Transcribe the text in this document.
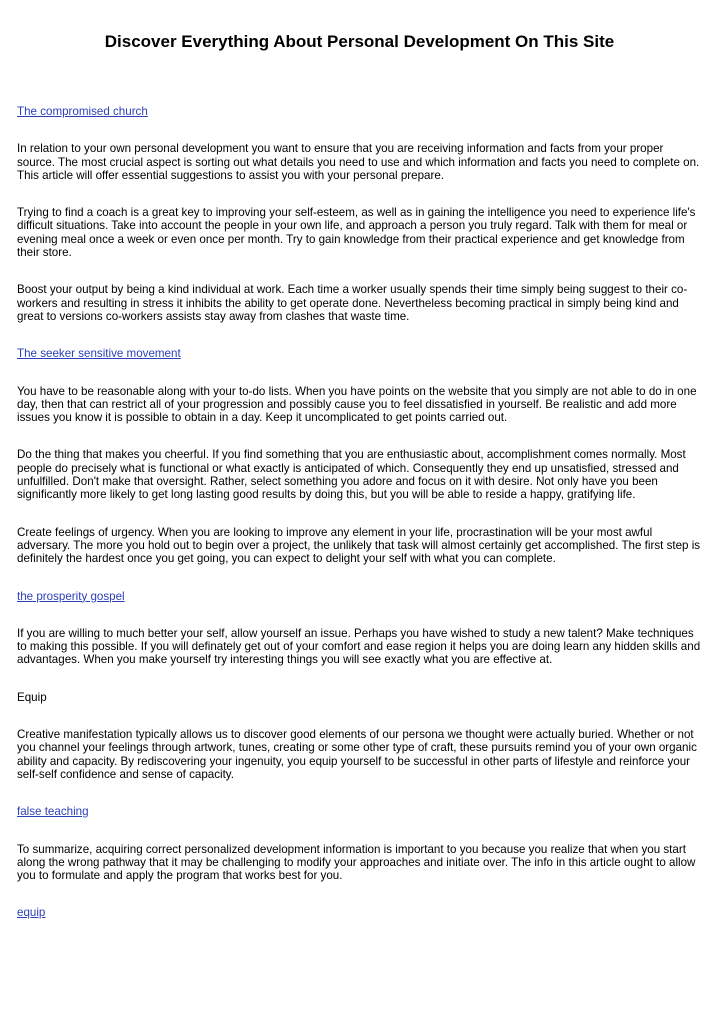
Discover Everything About Personal Development On This Site

The compromised church

In relation to your own personal development you want to ensure that you are receiving information and facts from your proper source. The most crucial aspect is sorting out what details you need to use and which information and facts you need to complete on. This article will offer essential suggestions to assist you with your personal prepare.

Trying to find a coach is a great key to improving your self-esteem, as well as in gaining the intelligence you need to experience life's difficult situations. Take into account the people in your own life, and approach a person you truly regard. Talk with them for meal or evening meal once a week or even once per month. Try to gain knowledge from their practical experience and get knowledge from their store.

Boost your output by being a kind individual at work. Each time a worker usually spends their time simply being suggest to their co-workers and resulting in stress it inhibits the ability to get operate done. Nevertheless becoming practical in simply being kind and great to versions co-workers assists stay away from clashes that waste time.

The seeker sensitive movement

You have to be reasonable along with your to-do lists. When you have points on the website that you simply are not able to do in one day, then that can restrict all of your progression and possibly cause you to feel dissatisfied in yourself. Be realistic and add more issues you know it is possible to obtain in a day. Keep it uncomplicated to get points carried out.

Do the thing that makes you cheerful. If you find something that you are enthusiastic about, accomplishment comes normally. Most people do precisely what is functional or what exactly is anticipated of which. Consequently they end up unsatisfied, stressed and unfulfilled. Don't make that oversight. Rather, select something you adore and focus on it with desire. Not only have you been significantly more likely to get long lasting good results by doing this, but you will be able to reside a happy, gratifying life.

Create feelings of urgency. When you are looking to improve any element in your life, procrastination will be your most awful adversary. The more you hold out to begin over a project, the unlikely that task will almost certainly get accomplished. The first step is definitely the hardest once you get going, you can expect to delight your self with what you can complete.

the prosperity gospel

If you are willing to much better your self, allow yourself an issue. Perhaps you have wished to study a new talent? Make techniques to making this possible. If you will definately get out of your comfort and ease region it helps you are doing learn any hidden skills and advantages. When you make yourself try interesting things you will see exactly what you are effective at.

Equip

Creative manifestation typically allows us to discover good elements of our persona we thought were actually buried. Whether or not you channel your feelings through artwork, tunes, creating or some other type of craft, these pursuits remind you of your own organic ability and capacity. By rediscovering your ingenuity, you equip yourself to be successful in other parts of lifestyle and reinforce your self-self confidence and sense of capacity.

false teaching

To summarize, acquiring correct personalized development information is important to you because you realize that when you start along the wrong pathway that it may be challenging to modify your approaches and initiate over. The info in this article ought to allow you to formulate and apply the program that works best for you.

equip
